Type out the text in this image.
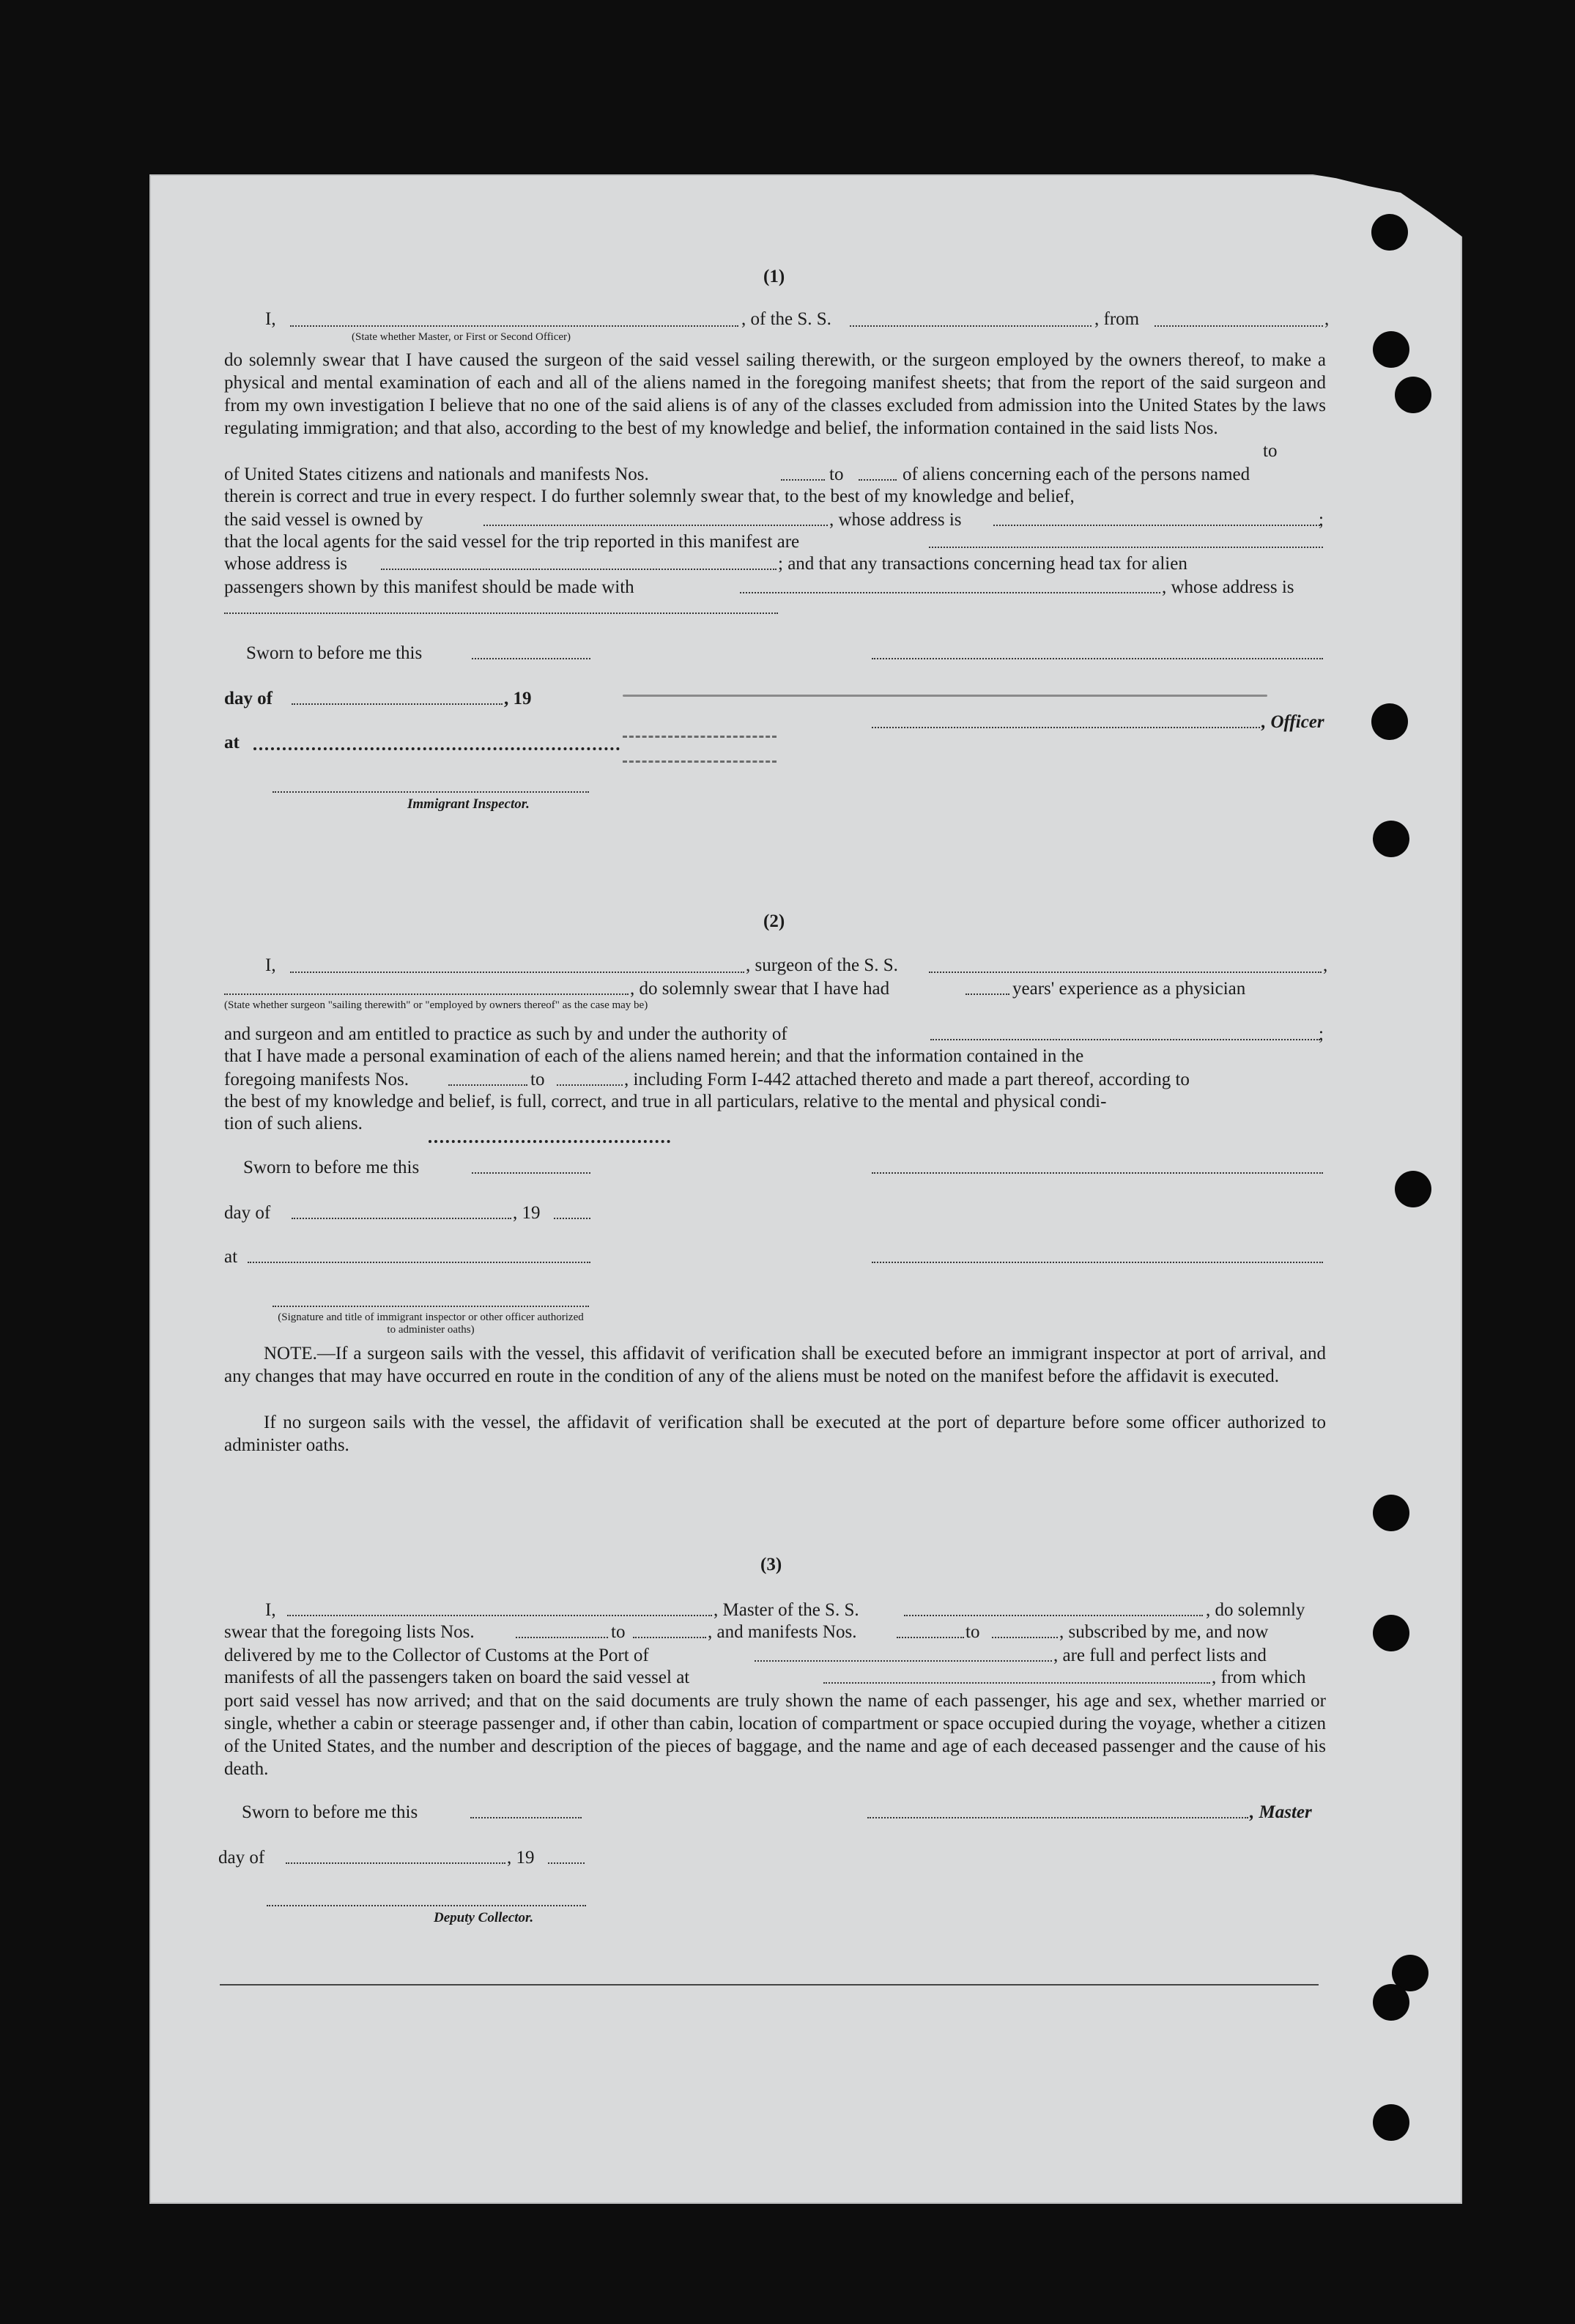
(1)
I,	, of the S. S.	, from	,
(State whether Master, or First or Second Officer)
do solemnly swear that I have caused the surgeon of the said vessel sailing therewith, or the surgeon employed by the owners thereof, to make a physical and mental examination of each and all of the aliens named in the foregoing manifest sheets; that from the report of the said surgeon and from my own investigation I believe that no one of the said aliens is of any of the classes excluded from admission into the United States by the laws regulating immigration; and that also, according to the best of my knowledge and belief, the information contained in the said lists Nos.
to
of United States citizens and nationals and manifests Nos.	to	of aliens concerning each of the persons named
therein is correct and true in every respect. I do further solemnly swear that, to the best of my knowledge and belief,
the said vessel is owned by	, whose address is	;
that the local agents for the said vessel for the trip reported in this manifest are
whose address is	; and that any transactions concerning head tax for alien
passengers shown by this manifest should be made with	, whose address is
Sworn to before me this
day of	, 19
at
, Officer
Immigrant Inspector.
(2)
I,	, surgeon of the S. S.	,
, do solemnly swear that I have had	years' experience as a physician
(State whether surgeon "sailing therewith" or "employed by owners thereof" as the case may be)
and surgeon and am entitled to practice as such by and under the authority of	;
that I have made a personal examination of each of the aliens named herein; and that the information contained in the
foregoing manifests Nos.	to	, including Form I-442 attached thereto and made a part thereof, according to
the best of my knowledge and belief, is full, correct, and true in all particulars, relative to the mental and physical condi-
tion of such aliens.
Sworn to before me this
day of	, 19
at
(Signature and title of immigrant inspector or other officer authorized to administer oaths)
NOTE.—If a surgeon sails with the vessel, this affidavit of verification shall be executed before an immigrant inspector at port of arrival, and any changes that may have occurred en route in the condition of any of the aliens must be noted on the manifest before the affidavit is executed.
If no surgeon sails with the vessel, the affidavit of verification shall be executed at the port of departure before some officer authorized to administer oaths.
(3)
I,	, Master of the S. S.	, do solemnly
swear that the foregoing lists Nos.	to	, and manifests Nos.	to	, subscribed by me, and now
delivered by me to the Collector of Customs at the Port of	, are full and perfect lists and
manifests of all the passengers taken on board the said vessel at	, from which
port said vessel has now arrived; and that on the said documents are truly shown the name of each passenger, his age and sex, whether married or single, whether a cabin or steerage passenger and, if other than cabin, location of compartment or space occupied during the voyage, whether a citizen of the United States, and the number and description of the pieces of baggage, and the name and age of each deceased passenger and the cause of his death.
Sworn to before me this	, Master
day of	, 19
Deputy Collector.
